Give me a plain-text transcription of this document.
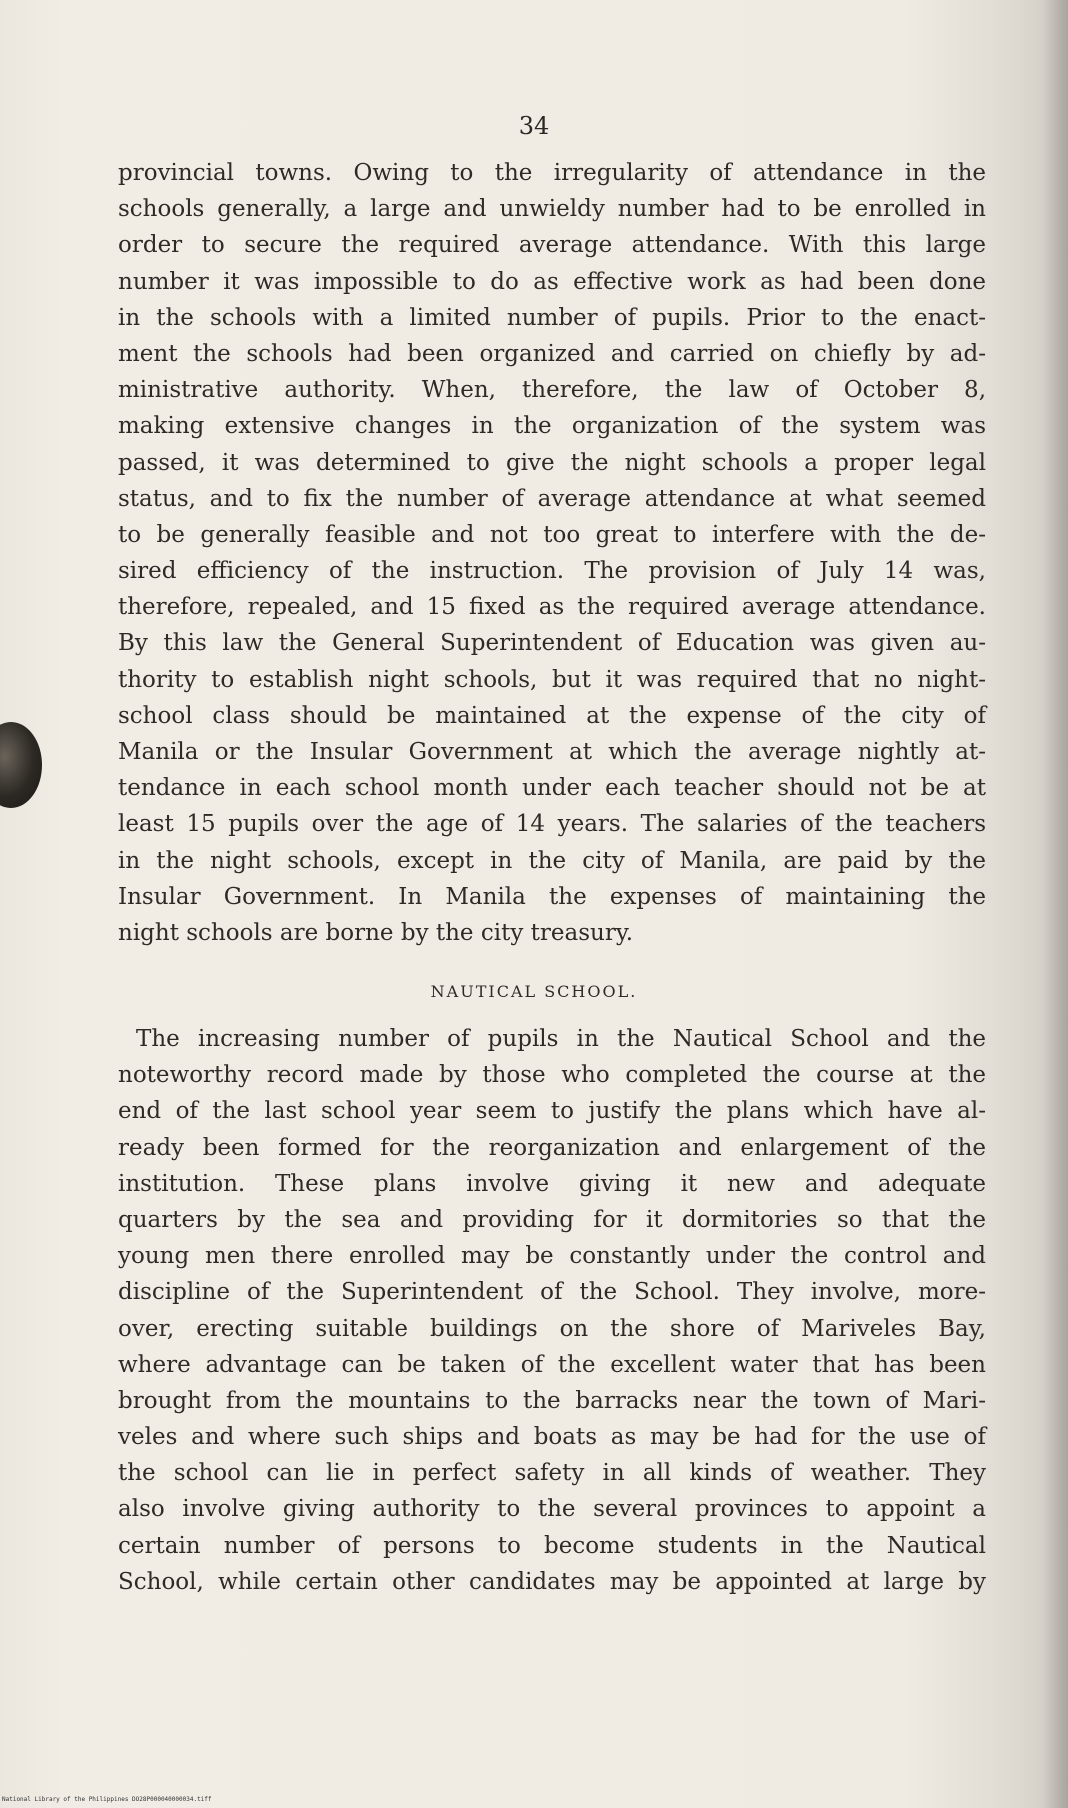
34
provincial towns. Owing to the irregularity of attendance in the
schools generally, a large and unwieldy number had to be enrolled in
order to secure the required average attendance. With this large
number it was impossible to do as effective work as had been done
in the schools with a limited number of pupils. Prior to the enact-
ment the schools had been organized and carried on chiefly by ad-
ministrative authority. When, therefore, the law of October 8,
making extensive changes in the organization of the system was
passed, it was determined to give the night schools a proper legal
status, and to fix the number of average attendance at what seemed
to be generally feasible and not too great to interfere with the de-
sired efficiency of the instruction. The provision of July 14 was,
therefore, repealed, and 15 fixed as the required average attendance.
By this law the General Superintendent of Education was given au-
thority to establish night schools, but it was required that no night-
school class should be maintained at the expense of the city of
Manila or the Insular Government at which the average nightly at-
tendance in each school month under each teacher should not be at
least 15 pupils over the age of 14 years. The salaries of the teachers
in the night schools, except in the city of Manila, are paid by the
Insular Government. In Manila the expenses of maintaining the
night schools are borne by the city treasury.
NAUTICAL SCHOOL.
The increasing number of pupils in the Nautical School and the
noteworthy record made by those who completed the course at the
end of the last school year seem to justify the plans which have al-
ready been formed for the reorganization and enlargement of the
institution. These plans involve giving it new and adequate
quarters by the sea and providing for it dormitories so that the
young men there enrolled may be constantly under the control and
discipline of the Superintendent of the School. They involve, more-
over, erecting suitable buildings on the shore of Mariveles Bay,
where advantage can be taken of the excellent water that has been
brought from the mountains to the barracks near the town of Mari-
veles and where such ships and boats as may be had for the use of
the school can lie in perfect safety in all kinds of weather. They
also involve giving authority to the several provinces to appoint a
certain number of persons to become students in the Nautical
School, while certain other candidates may be appointed at large by
National Library of the Philippines DO28P000040000034.tiff
